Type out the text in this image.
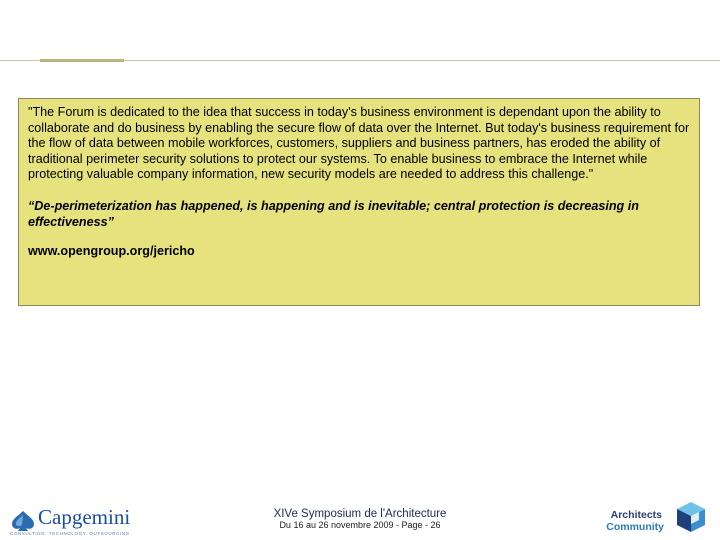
"The Forum is dedicated to the idea that success in today's business environment is dependant upon the ability to collaborate and do business by enabling the secure flow of data over the Internet. But today's business requirement for the flow of data between mobile workforces, customers, suppliers and business partners, has eroded the ability of traditional perimeter security solutions to protect our systems. To enable business to embrace the Internet while protecting valuable company information, new security models are needed to address this challenge."

“De-perimeterization has happened, is happening and is inevitable; central protection is decreasing in effectiveness”

www.opengroup.org/jericho

Capgemini
CONSULTING. TECHNOLOGY. OUTSOURCING
XIVe Symposium de l'Architecture
Du 16 au 26 novembre 2009 - Page - 26
Architects
Community
